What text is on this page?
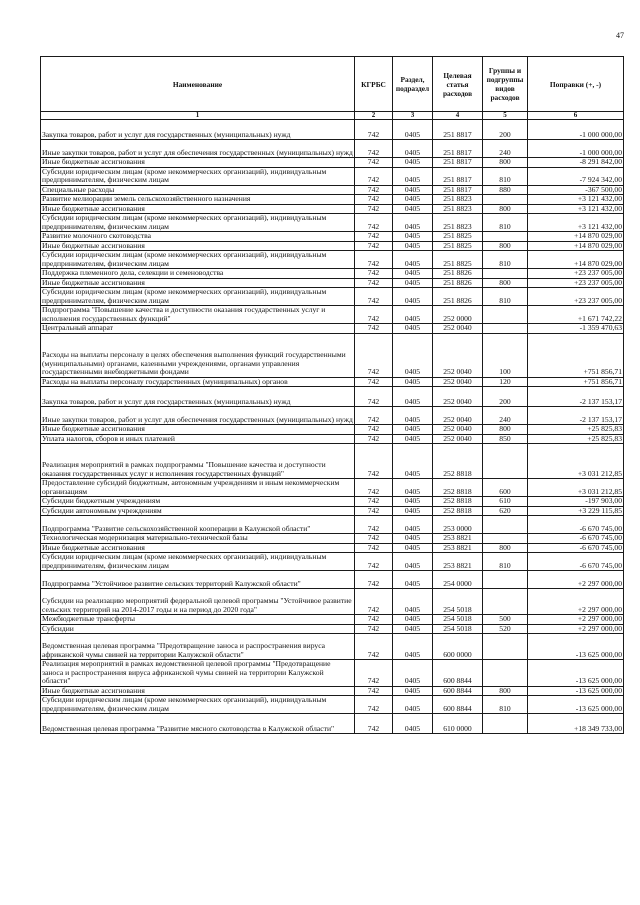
47
Наименование	КГРБС	Раздел, подраздел	Целевая статья расходов	Группы и подгруппы видов расходов	Поправки (+, -)
1	2	3	4	5	6
Закупка товаров, работ и услуг для государственных (муниципальных) нужд	742	0405	251 8817	200	-1 000 000,00
Иные закупки товаров, работ и услуг для обеспечения государственных (муниципальных) нужд	742	0405	251 8817	240	-1 000 000,00
Иные бюджетные ассигнования	742	0405	251 8817	800	-8 291 842,00
Субсидии юридическим лицам (кроме некоммерческих организаций), индивидуальным предпринимателям, физическим лицам	742	0405	251 8817	810	-7 924 342,00
Специальные расходы	742	0405	251 8817	880	-367 500,00
Развитие мелиорации земель сельскохозяйственного назначения	742	0405	251 8823		+3 121 432,00
Иные бюджетные ассигнования	742	0405	251 8823	800	+3 121 432,00
Субсидии юридическим лицам (кроме некоммерческих организаций), индивидуальным предпринимателям, физическим лицам	742	0405	251 8823	810	+3 121 432,00
Развитие молочного скотоводства	742	0405	251 8825		+14 870 029,00
Иные бюджетные ассигнования	742	0405	251 8825	800	+14 870 029,00
Субсидии юридическим лицам (кроме некоммерческих организаций), индивидуальным предпринимателям, физическим лицам	742	0405	251 8825	810	+14 870 029,00
Поддержка племенного дела, селекции и семеноводства	742	0405	251 8826		+23 237 005,00
Иные бюджетные ассигнования	742	0405	251 8826	800	+23 237 005,00
Субсидии юридическим лицам (кроме некоммерческих организаций), индивидуальным предпринимателям, физическим лицам	742	0405	251 8826	810	+23 237 005,00
Подпрограмма "Повышение качества и доступности оказания государственных услуг и исполнения государственных функций"	742	0405	252 0000		+1 671 742,22
Центральный аппарат	742	0405	252 0040		-1 359 470,63
Расходы на выплаты персоналу в целях обеспечения выполнения функций государственными (муниципальными) органами, казенными учреждениями, органами управления государственными внебюджетными фондами	742	0405	252 0040	100	+751 856,71
Расходы на выплаты персоналу государственных (муниципальных) органов	742	0405	252 0040	120	+751 856,71
Закупка товаров, работ и услуг для государственных (муниципальных) нужд	742	0405	252 0040	200	-2 137 153,17
Иные закупки товаров, работ и услуг для обеспечения государственных (муниципальных) нужд	742	0405	252 0040	240	-2 137 153,17
Иные бюджетные ассигнования	742	0405	252 0040	800	+25 825,83
Уплата налогов, сборов и иных платежей	742	0405	252 0040	850	+25 825,83
Реализация мероприятий в рамках подпрограммы "Повышение качества и доступности оказания государственных услуг и исполнения государственных функций"	742	0405	252 8818		+3 031 212,85
Предоставление субсидий бюджетным, автономным учреждениям и иным некоммерческим организациям	742	0405	252 8818	600	+3 031 212,85
Субсидии бюджетным учреждениям	742	0405	252 8818	610	-197 903,00
Субсидии автономным учреждениям	742	0405	252 8818	620	+3 229 115,85
Подпрограмма "Развитие сельскохозяйственной кооперации в Калужской области"	742	0405	253 0000		-6 670 745,00
Технологическая модернизация материально-технической базы	742	0405	253 8821		-6 670 745,00
Иные бюджетные ассигнования	742	0405	253 8821	800	-6 670 745,00
Субсидии юридическим лицам (кроме некоммерческих организаций), индивидуальным предпринимателям, физическим лицам	742	0405	253 8821	810	-6 670 745,00
Подпрограмма "Устойчивое развитие сельских территорий Калужской области"	742	0405	254 0000		+2 297 000,00
Субсидии на реализацию мероприятий федеральной целевой программы "Устойчивое развитие сельских территорий на 2014-2017 годы и на период до 2020 года"	742	0405	254 5018		+2 297 000,00
Межбюджетные трансферты	742	0405	254 5018	500	+2 297 000,00
Субсидии	742	0405	254 5018	520	+2 297 000,00
Ведомственная целевая программа "Предотвращение заноса и распространения вируса африканской чумы свиней на территории Калужской области"	742	0405	600 0000		-13 625 000,00
Реализация мероприятий в рамках ведомственной целевой программы "Предотвращение заноса и распространения вируса африканской чумы свиней на территории Калужской области"	742	0405	600 8844		-13 625 000,00
Иные бюджетные ассигнования	742	0405	600 8844	800	-13 625 000,00
Субсидии юридическим лицам (кроме некоммерческих организаций), индивидуальным предпринимателям, физическим лицам	742	0405	600 8844	810	-13 625 000,00
Ведомственная целевая программа "Развитие мясного скотоводства в Калужской области"	742	0405	610 0000		+18 349 733,00
